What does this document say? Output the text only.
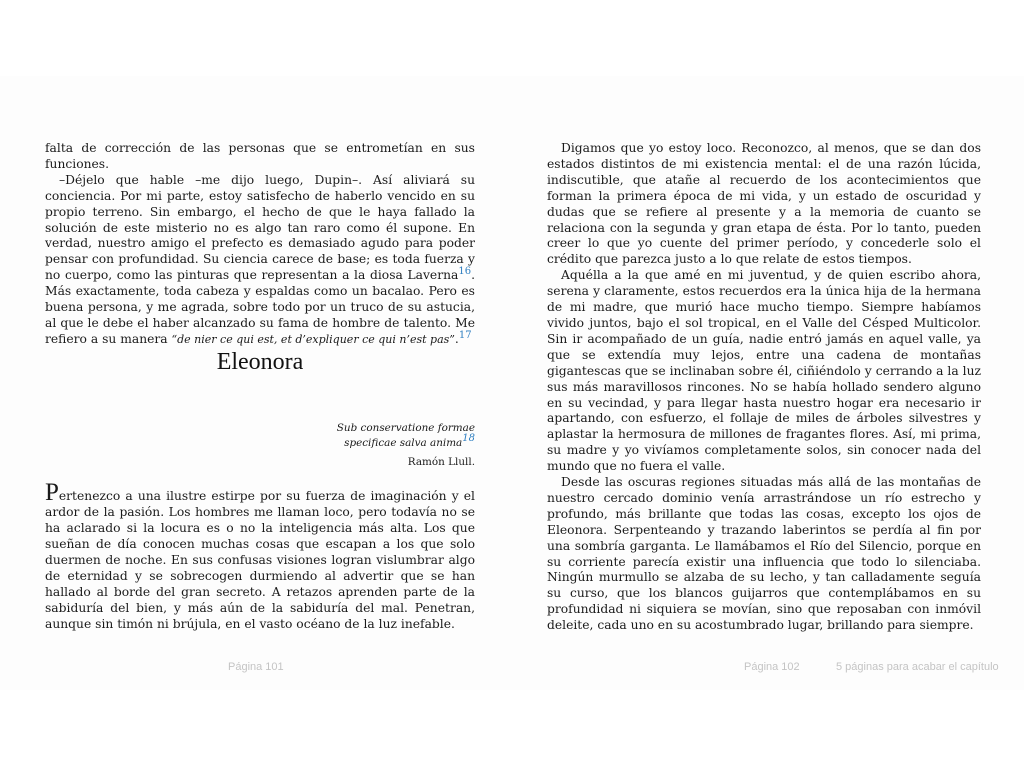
falta de corrección de las personas que se entrometían en sus funciones.

–Déjelo que hable –me dijo luego, Dupin–. Así aliviará su conciencia. Por mi parte, estoy satisfecho de haberlo vencido en su propio terreno. Sin embargo, el hecho de que le haya fallado la solución de este misterio no es algo tan raro como él supone. En verdad, nuestro amigo el prefecto es demasiado agudo para poder pensar con profundidad. Su ciencia carece de base; es toda fuerza y no cuerpo, como las pinturas que representan a la diosa Laverna$^{16}$. Más exactamente, toda cabeza y espaldas como un bacalao. Pero es buena persona, y me agrada, sobre todo por un truco de su astucia, al que le debe el haber alcanzado su fama de hombre de talento. Me refiero a su manera “de nier ce qui est, et d’expliquer ce qui n’est pas”.$^{17}$

Eleonora
Sub conservatione formae
specificae salva anima18
Ramón Llull.

Pertenezco a una ilustre estirpe por su fuerza de imaginación y el ardor de la pasión. Los hombres me llaman loco, pero todavía no se ha aclarado si la locura es o no la inteligencia más alta. Los que sueñan de día conocen muchas cosas que escapan a los que solo duermen de noche. En sus confusas visiones logran vislumbrar algo de eternidad y se sobrecogen durmiendo al advertir que se han hallado al borde del gran secreto. A retazos aprenden parte de la sabiduría del bien, y más aún de la sabiduría del mal. Penetran, aunque sin timón ni brújula, en el vasto océano de la luz inefable.

Digamos que yo estoy loco. Reconozco, al menos, que se dan dos estados distintos de mi existencia mental: el de una razón lúcida, indiscutible, que atañe al recuerdo de los acontecimientos que forman la primera época de mi vida, y un estado de oscuridad y dudas que se refiere al presente y a la memoria de cuanto se relaciona con la segunda y gran etapa de ésta. Por lo tanto, pueden creer lo que yo cuente del primer período, y concederle solo el crédito que parezca justo a lo que relate de estos tiempos.

Aquélla a la que amé en mi juventud, y de quien escribo ahora, serena y claramente, estos recuerdos era la única hija de la hermana de mi madre, que murió hace mucho tiempo. Siempre habíamos vivido juntos, bajo el sol tropical, en el Valle del Césped Multicolor. Sin ir acompañado de un guía, nadie entró jamás en aquel valle, ya que se extendía muy lejos, entre una cadena de montañas gigantescas que se inclinaban sobre él, ciñiéndolo y cerrando a la luz sus más maravillosos rincones. No se había hollado sendero alguno en su vecindad, y para llegar hasta nuestro hogar era necesario ir apartando, con esfuerzo, el follaje de miles de árboles silvestres y aplastar la hermosura de millones de fragantes flores. Así, mi prima, su madre y yo vivíamos completamente solos, sin conocer nada del mundo que no fuera el valle.

Desde las oscuras regiones situadas más allá de las montañas de nuestro cercado dominio venía arrastrándose un río estrecho y profundo, más brillante que todas las cosas, excepto los ojos de Eleonora. Serpenteando y trazando laberintos se perdía al fin por una sombría garganta. Le llamábamos el Río del Silencio, porque en su corriente parecía existir una influencia que todo lo silenciaba. Ningún murmullo se alzaba de su lecho, y tan calladamente seguía su curso, que los blancos guijarros que contemplábamos en su profundidad ni siquiera se movían, sino que reposaban con inmóvil deleite, cada uno en su acostumbrado lugar, brillando para siempre.

Página 101	Página 102	5 páginas para acabar el capítulo
